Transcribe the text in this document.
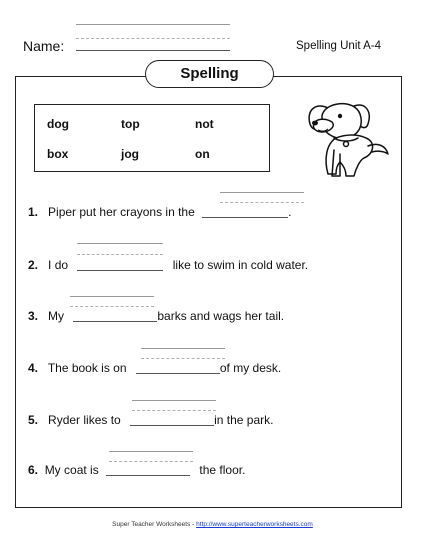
Name:	Spelling Unit A-4
Spelling
dog	top	not
box	jog	on
1. Piper put her crayons in the	.
2. I do	like to swim in cold water.
3. My	barks and wags her tail.
4. The book is on	of my desk.
5. Ryder likes to	in the park.
6. My coat is	the floor.
Super Teacher Worksheets - http://www.superteacherworksheets.com
